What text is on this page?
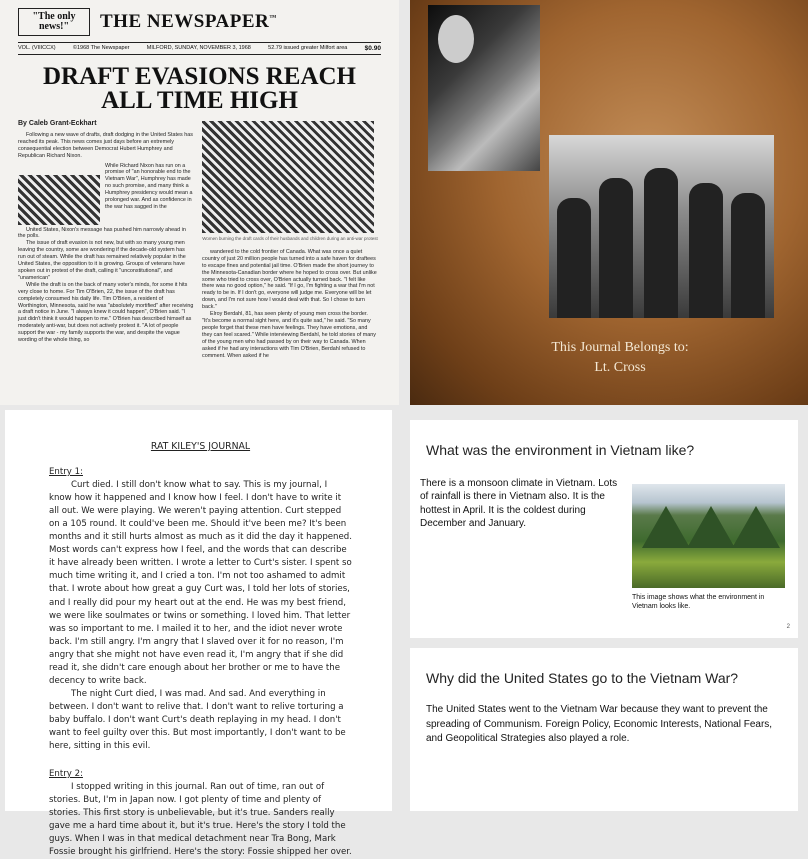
"The only news!"	THE NEWSPAPER™
VOL. (VIIICCX)	©1968 The Newspaper	MILFORD, SUNDAY, NOVEMBER 3, 1968	52.79 issued greater Milfort area	$0.90
DRAFT EVASIONS REACH ALL TIME HIGH
By Caleb Grant-Eckhart

Following a new wave of drafts, draft dodging in the United States has reached its peak. This news comes just days before an extremely consequential election between Democrat Hubert Humphrey and Republican Richard Nixon.

While Richard Nixon has run on a promise of "an honorable end to the Vietnam War", Humphrey has made no such promise, and many think a Humphrey presidency would mean a prolonged war. And as confidence in the war has sagged in the

United States, Nixon's message has pushed him narrowly ahead in the polls.

The issue of draft evasion is not new, but with so many young men leaving the country, some are wondering if the decade-old system has run out of steam. While the draft has remained relatively popular in the United States, the opposition to it is growing. Groups of veterans have spoken out in protest of the draft, calling it "unconstitutional", and "unamerican"

While the draft is on the back of many voter's minds, for some it hits very close to home. For Tim O'Brien, 22, the issue of the draft has completely consumed his daily life. Tim O'Brien, a resident of Worthington, Minnesota, said he was "absolutely mortified" after receiving a draft notice in June. "I always knew it could happen", O'Brien said. "I just didn't think it would happen to me." O'Brien has described himself as moderately anti-war, but does not actively protest it. "A lot of people support the war - my family supports the war, and despite the vague wording of the whole thing, so

Women burning the draft cards of their husbands and children during an anti-war protest

wandered to the cold frontier of Canada. What was once a quiet country of just 20 million people has turned into a safe haven for draftees to escape fines and potential jail time. O'Brien made the short journey to the Minnesota-Canadian border where he hoped to cross over. But unlike some who tried to cross over, O'Brien actually turned back. "I felt like there was no good option," he said. "If I go, I'm fighting a war that I'm not ready to be in. If I don't go, everyone will judge me. Everyone will be let down, and I'm not sure how I would deal with that. So I chose to turn back."

Elroy Berdahl, 81, has seen plenty of young men cross the border. "It's become a normal sight here, and it's quite sad," he said. "So many people forget that these men have feelings. They have emotions, and they can feel scared." While interviewing Berdahl, he told stories of many of the young men who had passed by on their way to Canada. When asked if he had any interactions with Tim O'Brien, Berdahl refused to comment. When asked if he

This Journal Belongs to:
Lt. Cross
RAT KILEY'S JOURNAL
Entry 1:

Curt died. I still don't know what to say. This is my journal, I know how it happened and I know how I feel. I don't have to write it all out. We were playing. We weren't paying attention. Curt stepped on a 105 round. It could've been me. Should it've been me? It's been months and it still hurts almost as much as it did the day it happened. Most words can't express how I feel, and the words that can describe it have already been written. I wrote a letter to Curt's sister. I spent so much time writing it, and I cried a ton. I'm not too ashamed to admit that. I wrote about how great a guy Curt was, I told her lots of stories, and I really did pour my heart out at the end. He was my best friend, we were like soulmates or twins or something. I loved him. That letter was so important to me. I mailed it to her, and the idiot never wrote back. I'm still angry. I'm angry that I slaved over it for no reason, I'm angry that she might not have even read it, I'm angry that if she did read it, she didn't care enough about her brother or me to have the decency to write back.

The night Curt died, I was mad. And sad. And everything in between. I don't want to relive that. I don't want to relive torturing a baby buffalo. I don't want Curt's death replaying in my head. I don't want to feel guilty over this. But most importantly, I don't want to be here, sitting in this evil.

Entry 2:

I stopped writing in this journal. Ran out of time, ran out of stories. But, I'm in Japan now. I got plenty of time and plenty of stories. This first story is unbelievable, but it's true. Sanders really gave me a hard time about it, but it's true. Here's the story I told the guys. When I was in that medical detachment near Tra Bong, Mark Fossie brought his girlfriend. Here's the story: Fossie shipped her over.

What was the environment in Vietnam like?
There is a monsoon climate in Vietnam. Lots of rainfall is there in Vietnam also. It is the hottest in April. It is the coldest during December and January.
This image shows what the environment in Vietnam looks like.
2
Why did the United States go to the Vietnam War?
The United States went to the Vietnam War because they want to prevent the spreading of Communism. Foreign Policy, Economic Interests, National Fears, and Geopolitical Strategies also played a role.
